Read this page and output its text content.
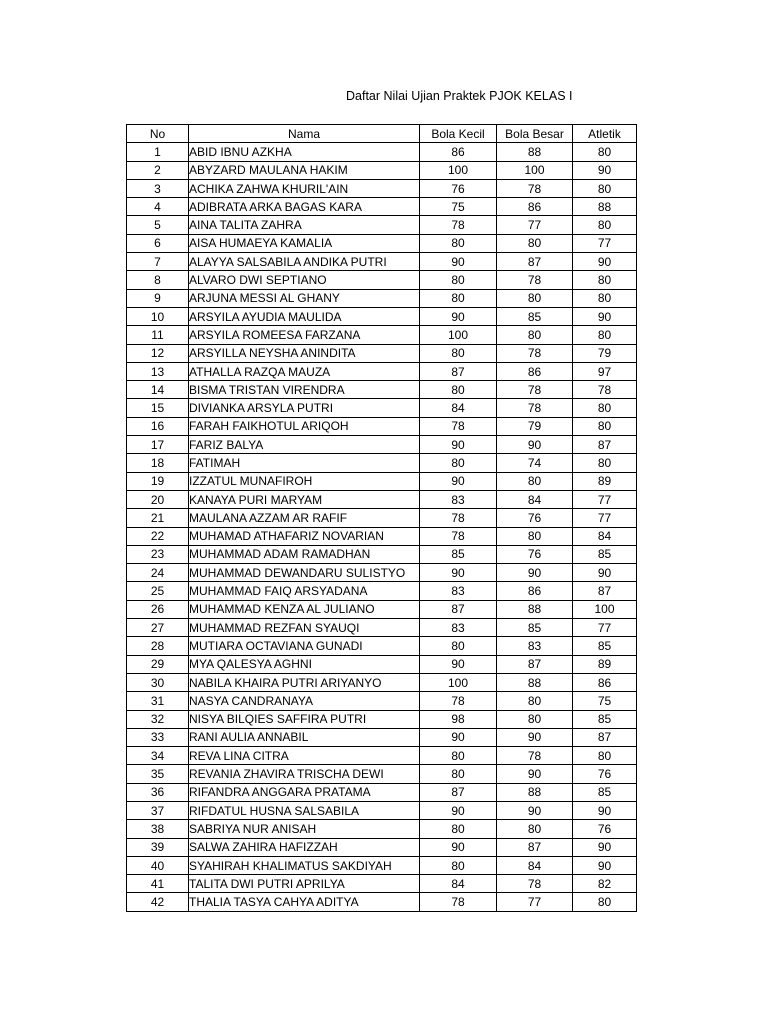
Daftar Nilai Ujian Praktek PJOK KELAS I
No	Nama	Bola Kecil	Bola Besar	Atletik
1	ABID IBNU AZKHA	86	88	80
2	ABYZARD MAULANA HAKIM	100	100	90
3	ACHIKA ZAHWA KHURIL'AIN	76	78	80
4	ADIBRATA ARKA BAGAS KARA	75	86	88
5	AINA TALITA ZAHRA	78	77	80
6	AISA HUMAEYA KAMALIA	80	80	77
7	ALAYYA SALSABILA ANDIKA PUTRI	90	87	90
8	ALVARO DWI SEPTIANO	80	78	80
9	ARJUNA MESSI AL GHANY	80	80	80
10	ARSYILA AYUDIA MAULIDA	90	85	90
11	ARSYILA ROMEESA FARZANA	100	80	80
12	ARSYILLA NEYSHA ANINDITA	80	78	79
13	ATHALLA RAZQA MAUZA	87	86	97
14	BISMA TRISTAN VIRENDRA	80	78	78
15	DIVIANKA ARSYLA PUTRI	84	78	80
16	FARAH FAIKHOTUL ARIQOH	78	79	80
17	FARIZ BALYA	90	90	87
18	FATIMAH	80	74	80
19	IZZATUL MUNAFIROH	90	80	89
20	KANAYA PURI MARYAM	83	84	77
21	MAULANA AZZAM AR RAFIF	78	76	77
22	MUHAMAD ATHAFARIZ NOVARIAN	78	80	84
23	MUHAMMAD ADAM RAMADHAN	85	76	85
24	MUHAMMAD DEWANDARU SULISTYO	90	90	90
25	MUHAMMAD FAIQ ARSYADANA	83	86	87
26	MUHAMMAD KENZA AL JULIANO	87	88	100
27	MUHAMMAD REZFAN SYAUQI	83	85	77
28	MUTIARA OCTAVIANA GUNADI	80	83	85
29	MYA QALESYA AGHNI	90	87	89
30	NABILA KHAIRA PUTRI ARIYANYO	100	88	86
31	NASYA CANDRANAYA	78	80	75
32	NISYA BILQIES SAFFIRA PUTRI	98	80	85
33	RANI AULIA ANNABIL	90	90	87
34	REVA LINA CITRA	80	78	80
35	REVANIA ZHAVIRA TRISCHA DEWI	80	90	76
36	RIFANDRA ANGGARA PRATAMA	87	88	85
37	RIFDATUL HUSNA SALSABILA	90	90	90
38	SABRIYA NUR ANISAH	80	80	76
39	SALWA ZAHIRA HAFIZZAH	90	87	90
40	SYAHIRAH KHALIMATUS SAKDIYAH	80	84	90
41	TALITA DWI PUTRI APRILYA	84	78	82
42	THALIA TASYA CAHYA ADITYA	78	77	80
